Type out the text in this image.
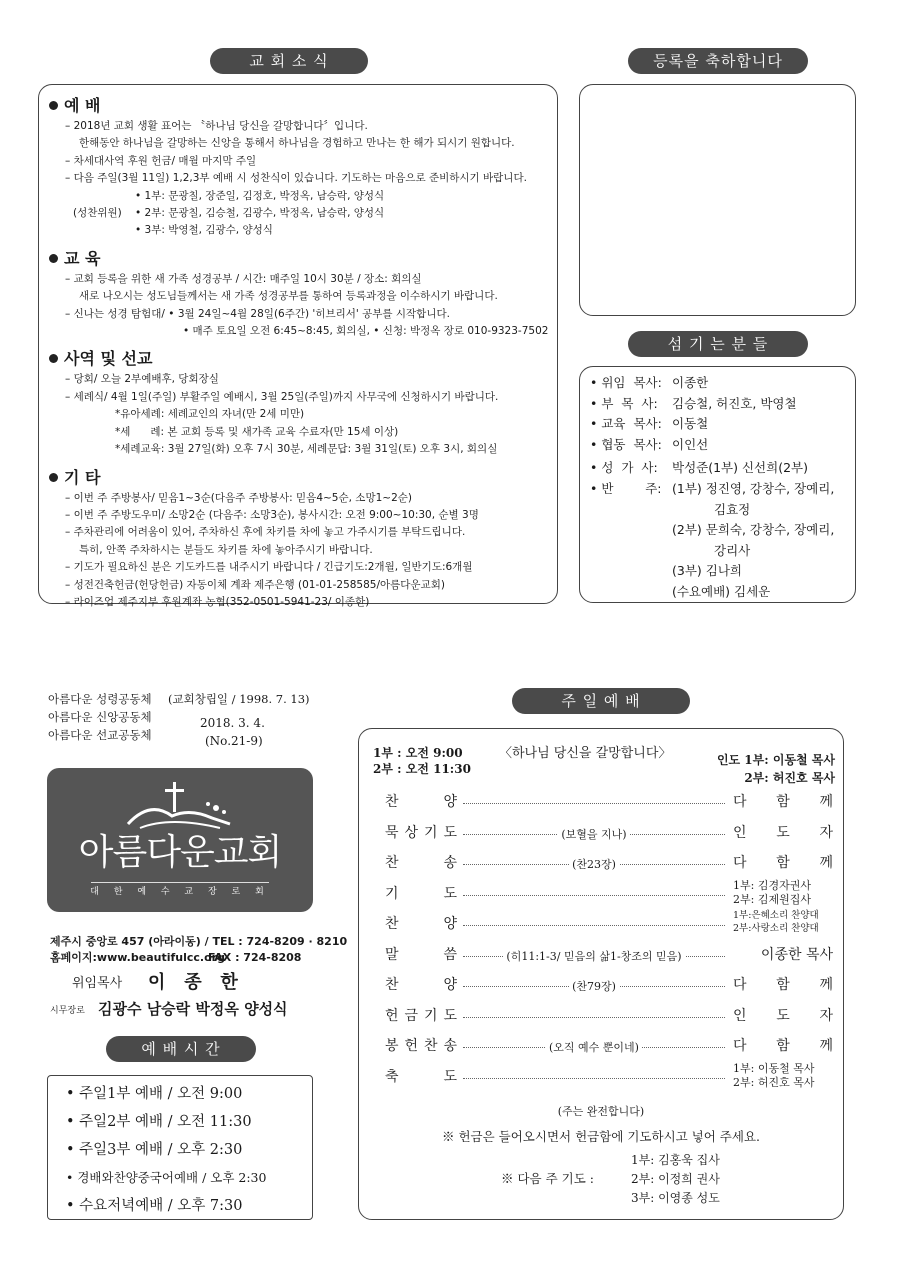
교 회 소 식	등록을 축하합니다
섬 기 는 분 들
주 일 예 배
예 배 시 간
예 배
– 2018년 교회 생활 표어는 〝하나님 당신을 갈망합니다〞입니다.
한해동안 하나님을 갈망하는 신앙을 통해서 하나님을 경험하고 만나는 한 해가 되시기 원합니다.
– 차세대사역 후원 헌금/ 매월 마지막 주일
– 다음 주일(3월 11일) 1,2,3부 예배 시 성찬식이 있습니다. 기도하는 마음으로 준비하시기 바랍니다.
• 1부: 문광칠, 장준일, 김정호, 박정옥, 남승락, 양성식
• 2부: 문광칠, 김승철, 김광수, 박정옥, 남승락, 양성식
• 3부: 박영철, 김광수, 양성식
(성찬위원)
교 육
– 교회 등록을 위한 새 가족 성경공부 / 시간: 매주일 10시 30분 / 장소: 회의실
새로 나오시는 성도님들께서는 새 가족 성경공부를 통하여 등록과정을 이수하시기 바랍니다.
– 신나는 성경 탐험대/ • 3월 24일~4월 28일(6주간) '히브리서' 공부를 시작합니다.
• 매주 토요일 오전 6:45~8:45, 회의실, • 신청: 박정옥 장로 010-9323-7502
사역 및 선교
– 당회/ 오늘 2부예배후, 당회장실
– 세례식/ 4월 1일(주일) 부활주일 예배시, 3월 25일(주일)까지 사무국에 신청하시기 바랍니다.
*유아세례: 세례교인의 자녀(만 2세 미만)
*세      례: 본 교회 등록 및 새가족 교육 수료자(만 15세 이상)
*세례교육: 3월 27일(화) 오후 7시 30분, 세례문답: 3월 31일(토) 오후 3시, 회의실
기 타
– 이번 주 주방봉사/ 믿음1~3순(다음주 주방봉사: 믿음4~5순, 소망1~2순)
– 이번 주 주방도우미/ 소망2순 (다음주: 소망3순), 봉사시간: 오전 9:00~10:30, 순별 3명
– 주차관리에 어려움이 있어, 주차하신 후에 차키를 차에 놓고 가주시기를 부탁드립니다.
특히, 안쪽 주차하시는 분들도 차키를 차에 놓아주시기 바랍니다.
– 기도가 필요하신 분은 기도카드를 내주시기 바랍니다 / 긴급기도:2개월, 일반기도:6개월
– 성전건축헌금(헌당헌금) 자동이체 계좌 제주은행 (01-01-258585/아름다운교회)
– 라이즈업 제주지부 후원계좌 농협(352-0501-5941-23/ 이종한)
• 위임  목사: 이종한
• 부  목  사: 김승철, 허진호, 박영철
• 교육  목사: 이동철
• 협동  목사: 이인선
• 성  가  사: 박성준(1부) 신선희(2부)
• 반        주: (1부) 정진영, 강창수, 장예리,
김효정
(2부) 문희숙, 강창수, 장예리,
강리사
(3부) 김나희
(수요예배) 김세운
아름다운 성령공동체
아름다운 신앙공동체
아름다운 선교공동체
(교회창립일 / 1998. 7. 13)
2018. 3. 4.
(No.21-9)
아름다운교회
대 한 예 수 교 장 로 회
제주시 중앙로 457 (아라이동) / TEL : 724-8209 · 8210
홈페이지:www.beautifulcc.org
FAX : 724-8208
위임목사 이   종   한
시무장로 김광수 남승락 박정옥 양성식
• 주일1부 예배 / 오전 9:00
• 주일2부 예배 / 오전 11:30
• 주일3부 예배 / 오후 2:30
• 경배와찬양중국어예배 / 오후 2:30
• 수요저녁예배 / 오후 7:30
1부 : 오전 9:00
2부 : 오전 11:30
〈하나님 당신을 갈망합니다〉	인도 1부: 이동철 목사
2부: 허진호 목사
찬	양	다 함 께
묵 상 기 도	(보혈을 지나)	인 도 자
찬	송	(찬23장)	다 함 께
기	도
1부: 김경자권사
2부: 김제원집사
찬	양
1부:은혜소리 찬양대
2부:사랑소리 찬양대
말	씀	(히11:1-3/ 믿음의 삶1-창조의 믿음)	이종한 목사
찬	양	(찬79장)	다 함 께
헌 금 기 도	인 도 자
봉 헌 찬 송	(오직 예수 뿐이네)	다 함 께
축	도
1부: 이동철 목사
2부: 허진호 목사
(주는 완전합니다)
※ 헌금은 들어오시면서 헌금함에 기도하시고 넣어 주세요.
※ 다음 주 기도 :
1부: 김홍욱 집사
2부: 이정희 권사
3부: 이영종 성도
